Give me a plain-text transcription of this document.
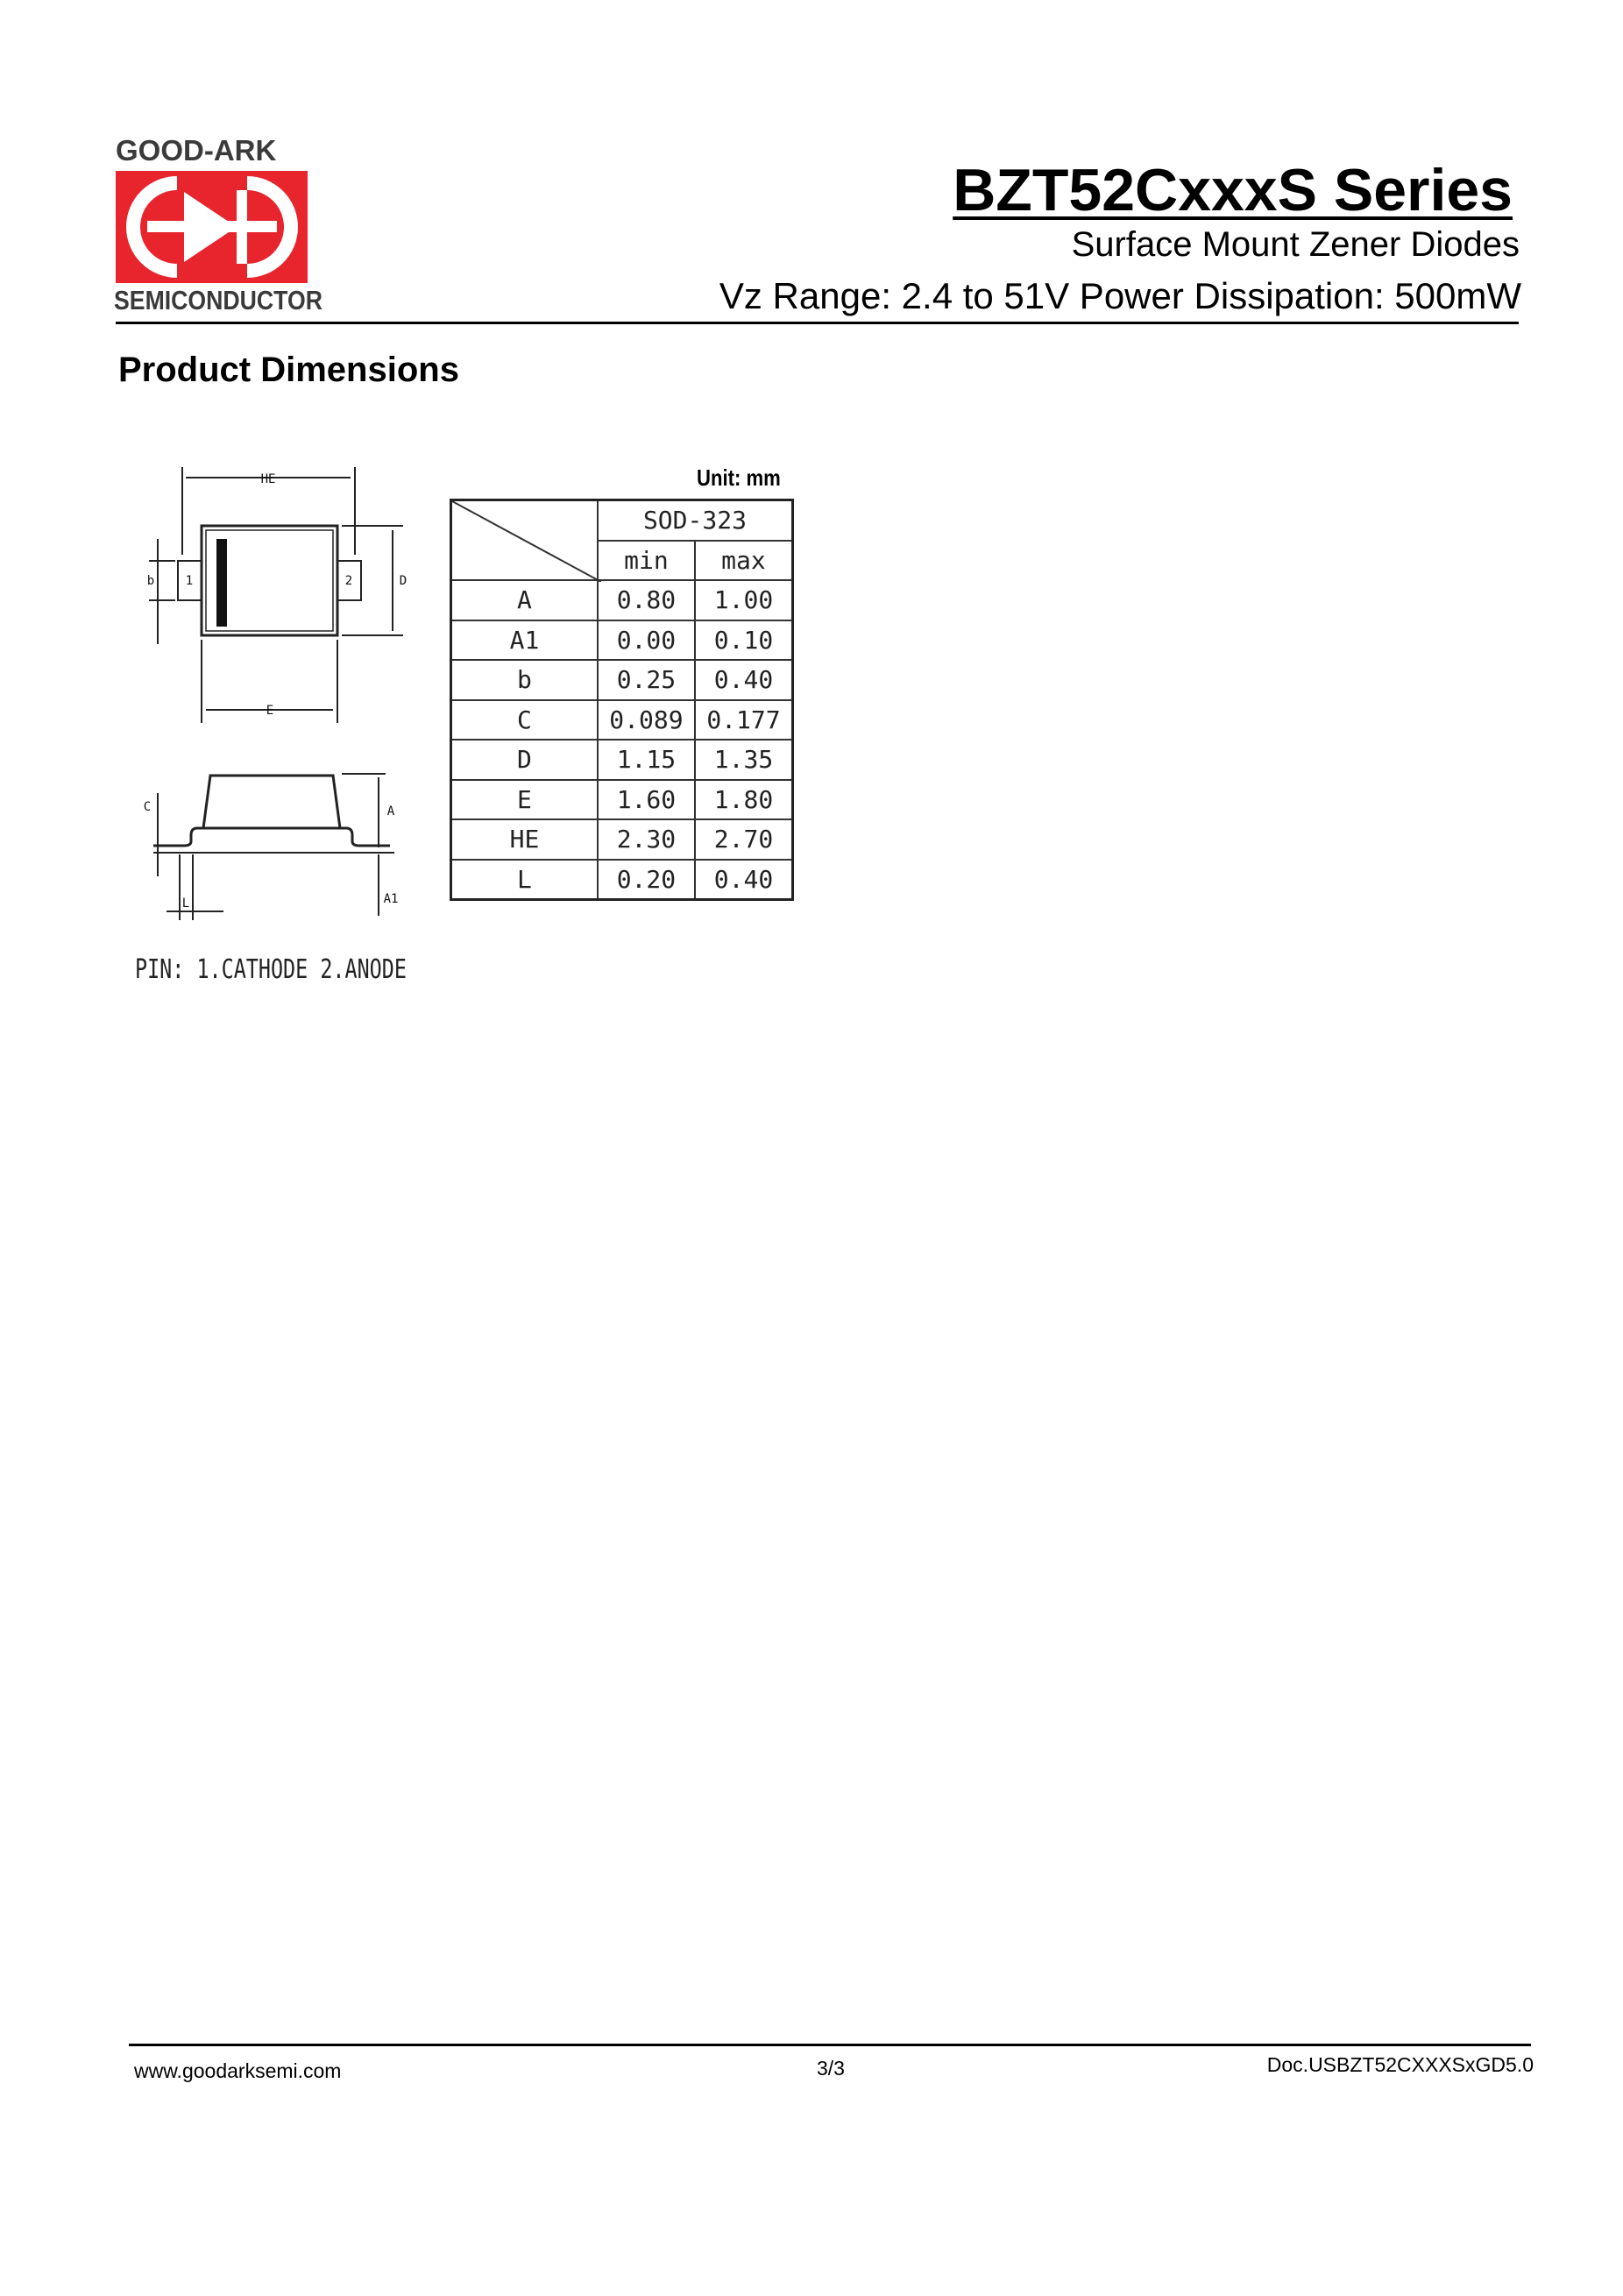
GOOD-ARK
SEMICONDUCTOR
BZT52CxxxS Series
Surface Mount Zener Diodes
Vz Range: 2.4 to 51V Power Dissipation: 500mW
Product Dimensions
HE
b	1	2	D
E
C	A
A1
L
Unit: mm
	SOD-323	
	min	max
A	0.80	1.00
A1	0.00	0.10
b	0.25	0.40
C	0.089	0.177
D	1.15	1.35
E	1.60	1.80
HE	2.30	2.70
L	0.20	0.40
PIN: 1.CATHODE 2.ANODE
www.goodarksemi.com	3/3	Doc.USBZT52CXXXSxGD5.0
